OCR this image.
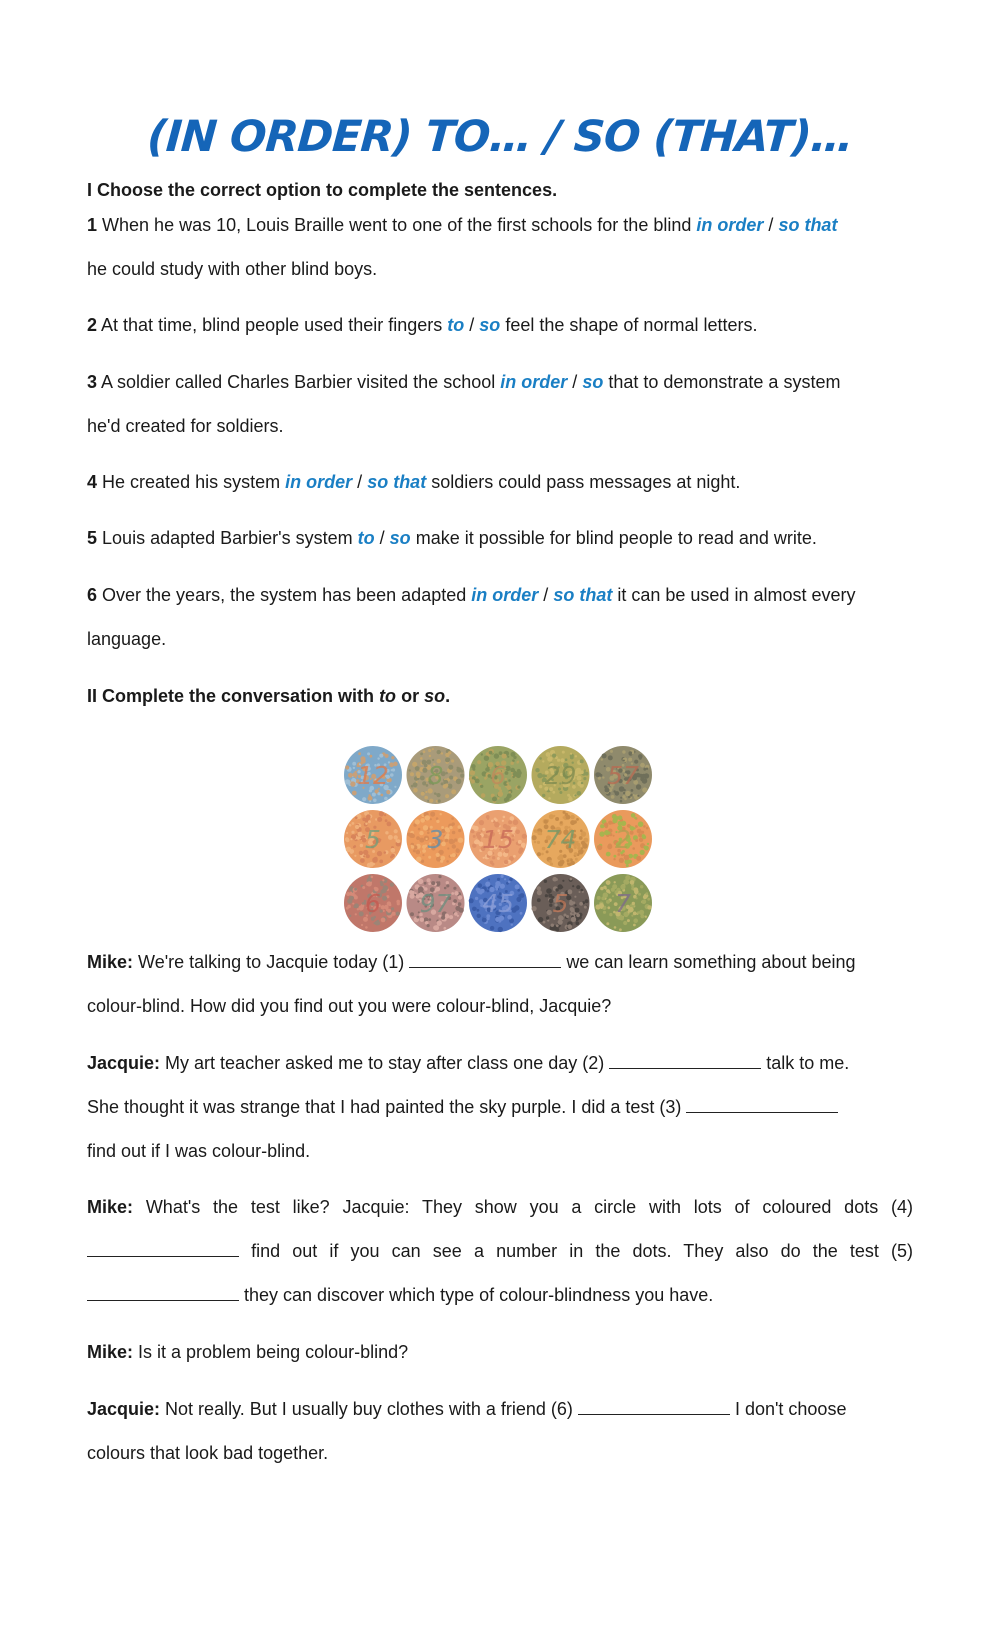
(IN ORDER) TO… / SO (THAT)…
I Choose the correct option to complete the sentences.
1 When he was 10, Louis Braille went to one of the first schools for the blind in order / so that
he could study with other blind boys.
2 At that time, blind people used their fingers to / so feel the shape of normal letters.
3 A soldier called Charles Barbier visited the school in order / so that to demonstrate a system
he'd created for soldiers.
4 He created his system in order / so that soldiers could pass messages at night.
5 Louis adapted Barbier's system to / so make it possible for blind people to read and write.
6 Over the years, the system has been adapted in order / so that it can be used in almost every
language.
II Complete the conversation with to or so.
12 8 6 29 57
5 3 15 74 2
6 97 45 5 7
Mike: We're talking to Jacquie today (1)	we can learn something about being
colour-blind. How did you find out you were colour-blind, Jacquie?
Jacquie: My art teacher asked me to stay after class one day (2)	talk to me.
She thought it was strange that I had painted the sky purple. I did a test (3)
find out if I was colour-blind.
Mike: What's the test like? Jacquie: They show you a circle with lots of coloured dots (4)
find out if you can see a number in the dots. They also do the test (5)
they can discover which type of colour-blindness you have.
Mike: Is it a problem being colour-blind?
Jacquie: Not really. But I usually buy clothes with a friend (6)	I don't choose
colours that look bad together.
